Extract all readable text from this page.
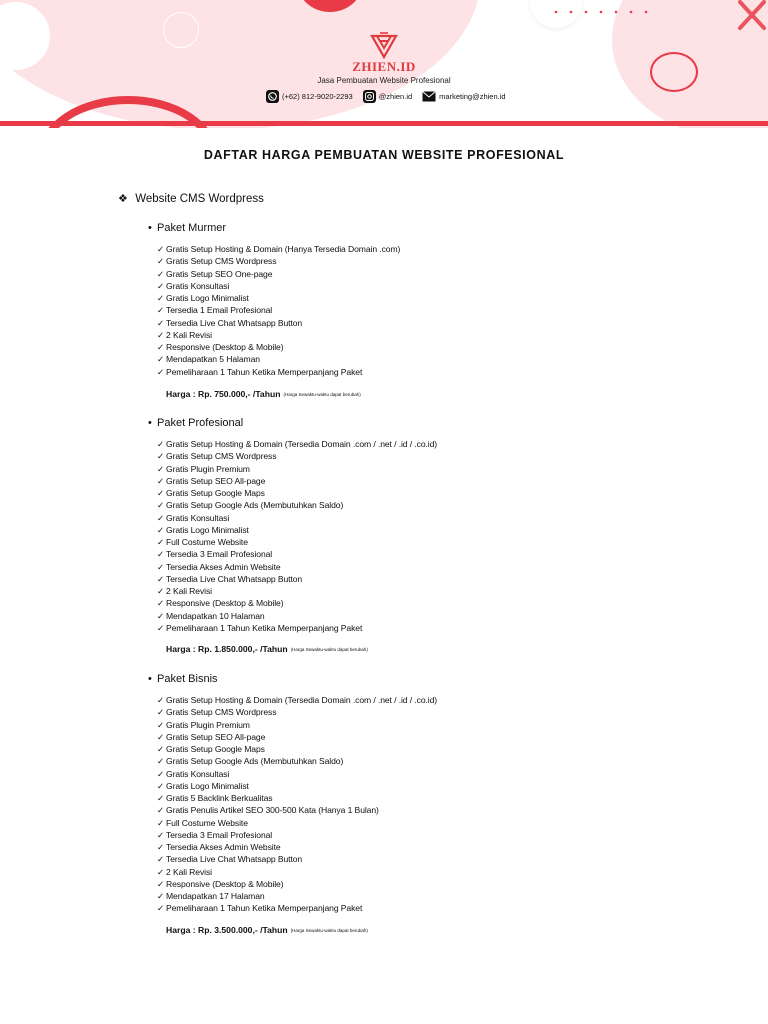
ZHIEN.ID
Jasa Pembuatan Website Profesional
(+62) 812-9020-2293	@zhien.id	marketing@zhien.id
DAFTAR HARGA PEMBUATAN WEBSITE PROFESIONAL
❖ Website CMS Wordpress
• Paket Murmer
✓ Gratis Setup Hosting & Domain (Hanya Tersedia Domain .com)
✓ Gratis Setup CMS Wordpress
✓ Gratis Setup SEO One-page
✓ Gratis Konsultasi
✓ Gratis Logo Minimalist
✓ Tersedia 1 Email Profesional
✓ Tersedia Live Chat Whatsapp Button
✓ 2 Kali Revisi
✓ Responsive (Desktop & Mobile)
✓ Mendapatkan 5 Halaman
✓ Pemeliharaan 1 Tahun Ketika Memperpanjang Paket
Harga : Rp. 750.000,- /Tahun (Harga Sewaktu-waktu dapat berubah)
• Paket Profesional
✓ Gratis Setup Hosting & Domain (Tersedia Domain .com / .net / .id / .co.id)
✓ Gratis Setup CMS Wordpress
✓ Gratis Plugin Premium
✓ Gratis Setup SEO All-page
✓ Gratis Setup Google Maps
✓ Gratis Setup Google Ads (Membutuhkan Saldo)
✓ Gratis Konsultasi
✓ Gratis Logo Minimalist
✓ Full Costume Website
✓ Tersedia 3 Email Profesional
✓ Tersedia Akses Admin Website
✓ Tersedia Live Chat Whatsapp Button
✓ 2 Kali Revisi
✓ Responsive (Desktop & Mobile)
✓ Mendapatkan 10 Halaman
✓ Pemeliharaan 1 Tahun Ketika Memperpanjang Paket
Harga : Rp. 1.850.000,- /Tahun (Harga Sewaktu-waktu dapat berubah)
• Paket Bisnis
✓ Gratis Setup Hosting & Domain (Tersedia Domain .com / .net / .id / .co.id)
✓ Gratis Setup CMS Wordpress
✓ Gratis Plugin Premium
✓ Gratis Setup SEO All-page
✓ Gratis Setup Google Maps
✓ Gratis Setup Google Ads (Membutuhkan Saldo)
✓ Gratis Konsultasi
✓ Gratis Logo Minimalist
✓ Gratis 5 Backlink Berkualitas
✓ Gratis Penulis Artikel SEO 300-500 Kata (Hanya 1 Bulan)
✓ Full Costume Website
✓ Tersedia 3 Email Profesional
✓ Tersedia Akses Admin Website
✓ Tersedia Live Chat Whatsapp Button
✓ 2 Kali Revisi
✓ Responsive (Desktop & Mobile)
✓ Mendapatkan 17 Halaman
✓ Pemeliharaan 1 Tahun Ketika Memperpanjang Paket
Harga : Rp. 3.500.000,- /Tahun (Harga Sewaktu-waktu dapat berubah)
